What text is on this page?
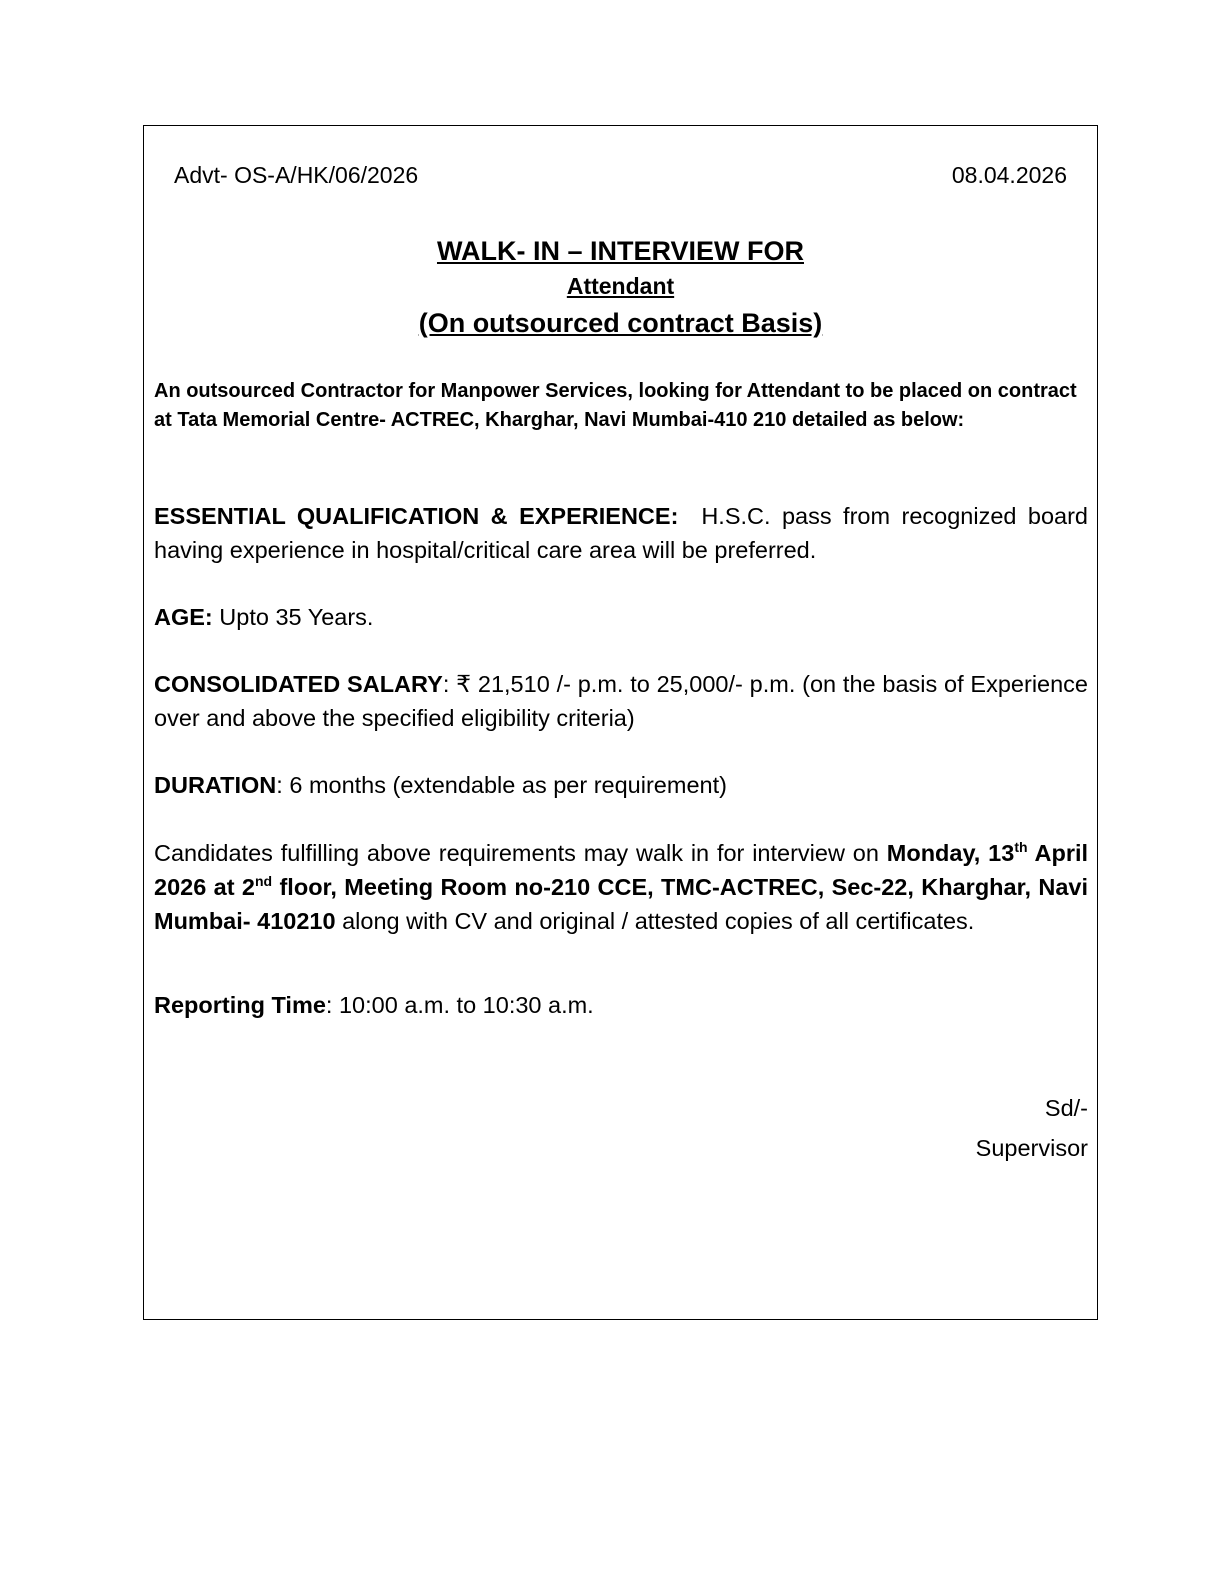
Advt- OS-A/HK/06/2026	08.04.2026

WALK- IN – INTERVIEW FOR

Attendant

(On outsourced contract Basis)

An outsourced Contractor for Manpower Services, looking for Attendant to be placed on contract at Tata Memorial Centre- ACTREC, Kharghar, Navi Mumbai-410 210 detailed as below:

ESSENTIAL QUALIFICATION & EXPERIENCE: H.S.C. pass from recognized board having experience in hospital/critical care area will be preferred.

AGE: Upto 35 Years.

CONSOLIDATED SALARY: ₹ 21,510 /- p.m. to 25,000/- p.m. (on the basis of Experience over and above the specified eligibility criteria)

DURATION: 6 months (extendable as per requirement)

Candidates fulfilling above requirements may walk in for interview on Monday, 13th April 2026 at 2nd floor, Meeting Room no-210 CCE, TMC-ACTREC, Sec-22, Kharghar, Navi Mumbai- 410210 along with CV and original / attested copies of all certificates.

Reporting Time: 10:00 a.m. to 10:30 a.m.

Sd/-
Supervisor
